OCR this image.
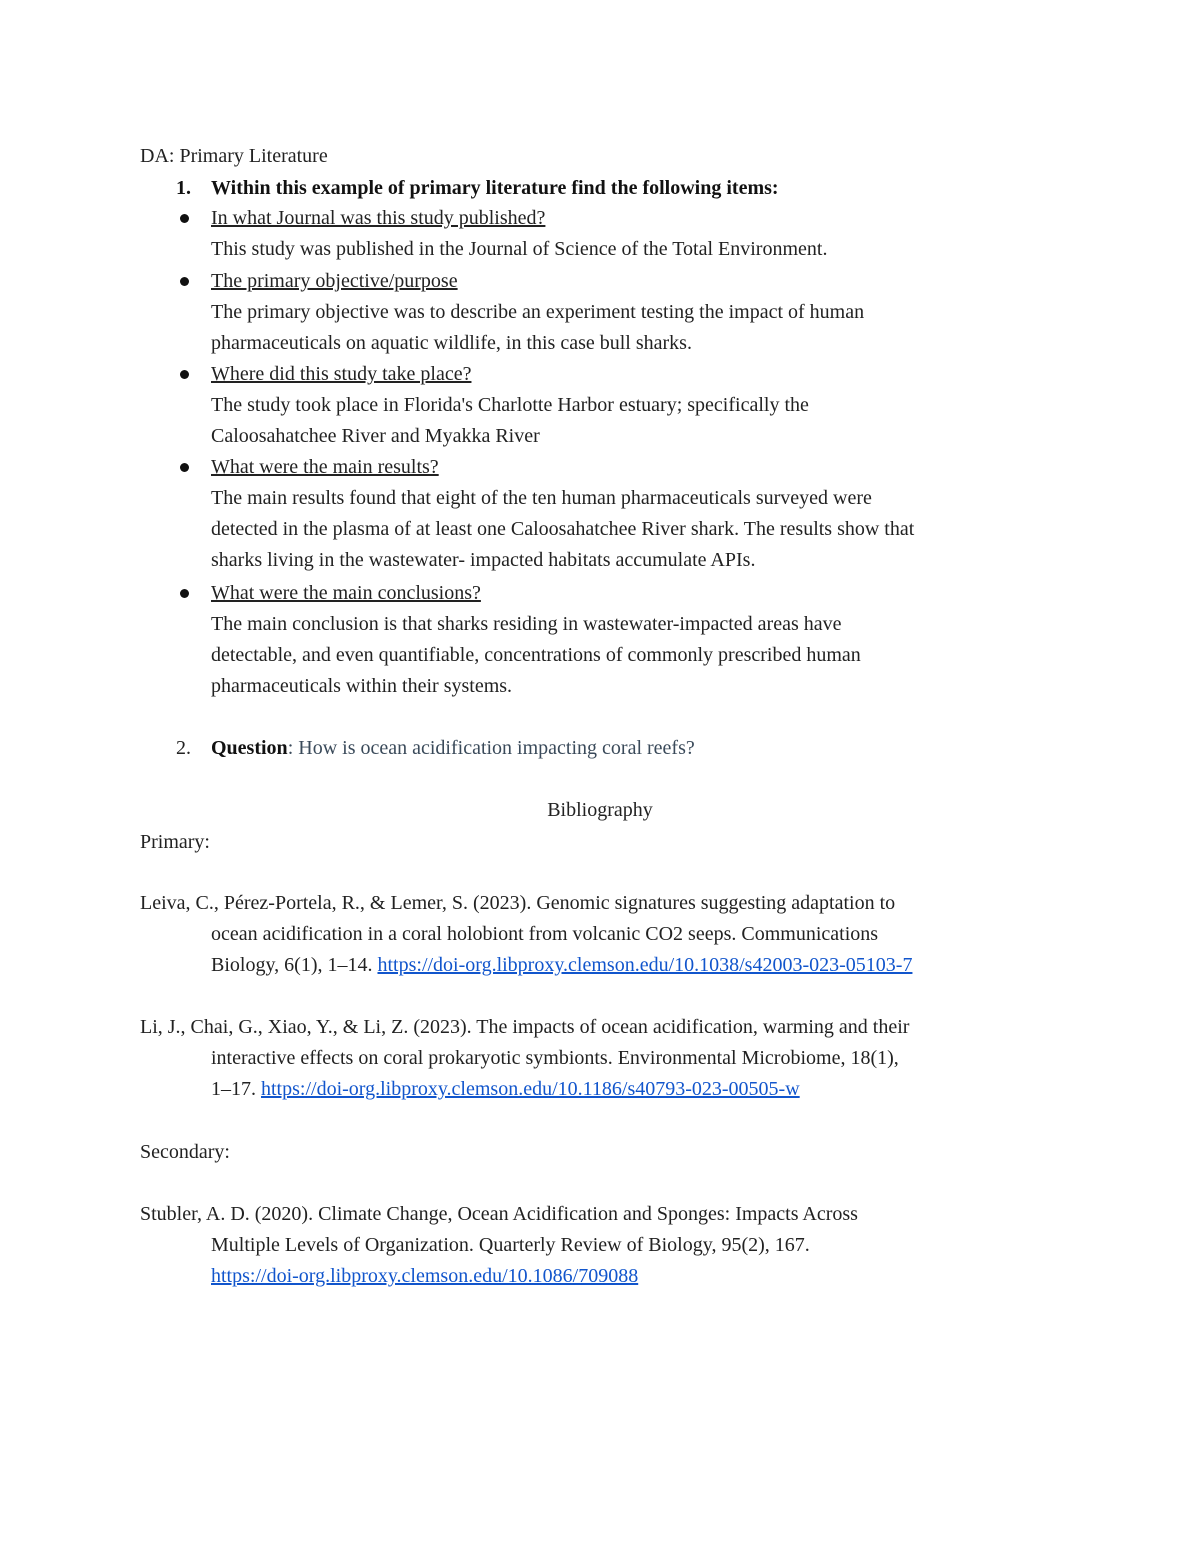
DA: Primary Literature
1. Within this example of primary literature find the following items:
In what Journal was this study published?
This study was published in the Journal of Science of the Total Environment.
The primary objective/purpose
The primary objective was to describe an experiment testing the impact of human
pharmaceuticals on aquatic wildlife, in this case bull sharks.
Where did this study take place?
The study took place in Florida's Charlotte Harbor estuary; specifically the
Caloosahatchee River and Myakka River
What were the main results?
The main results found that eight of the ten human pharmaceuticals surveyed were
detected in the plasma of at least one Caloosahatchee River shark. The results show that
sharks living in the wastewater- impacted habitats accumulate APIs.
What were the main conclusions?
The main conclusion is that sharks residing in wastewater-impacted areas have
detectable, and even quantifiable, concentrations of commonly prescribed human
pharmaceuticals within their systems.
2. Question: How is ocean acidification impacting coral reefs?
Bibliography
Primary:
Leiva, C., Pérez-Portela, R., & Lemer, S. (2023). Genomic signatures suggesting adaptation to
ocean acidification in a coral holobiont from volcanic CO2 seeps. Communications
Biology, 6(1), 1–14. https://doi-org.libproxy.clemson.edu/10.1038/s42003-023-05103-7
Li, J., Chai, G., Xiao, Y., & Li, Z. (2023). The impacts of ocean acidification, warming and their
interactive effects on coral prokaryotic symbionts. Environmental Microbiome, 18(1),
1–17. https://doi-org.libproxy.clemson.edu/10.1186/s40793-023-00505-w
Secondary:
Stubler, A. D. (2020). Climate Change, Ocean Acidification and Sponges: Impacts Across
Multiple Levels of Organization. Quarterly Review of Biology, 95(2), 167.
https://doi-org.libproxy.clemson.edu/10.1086/709088
